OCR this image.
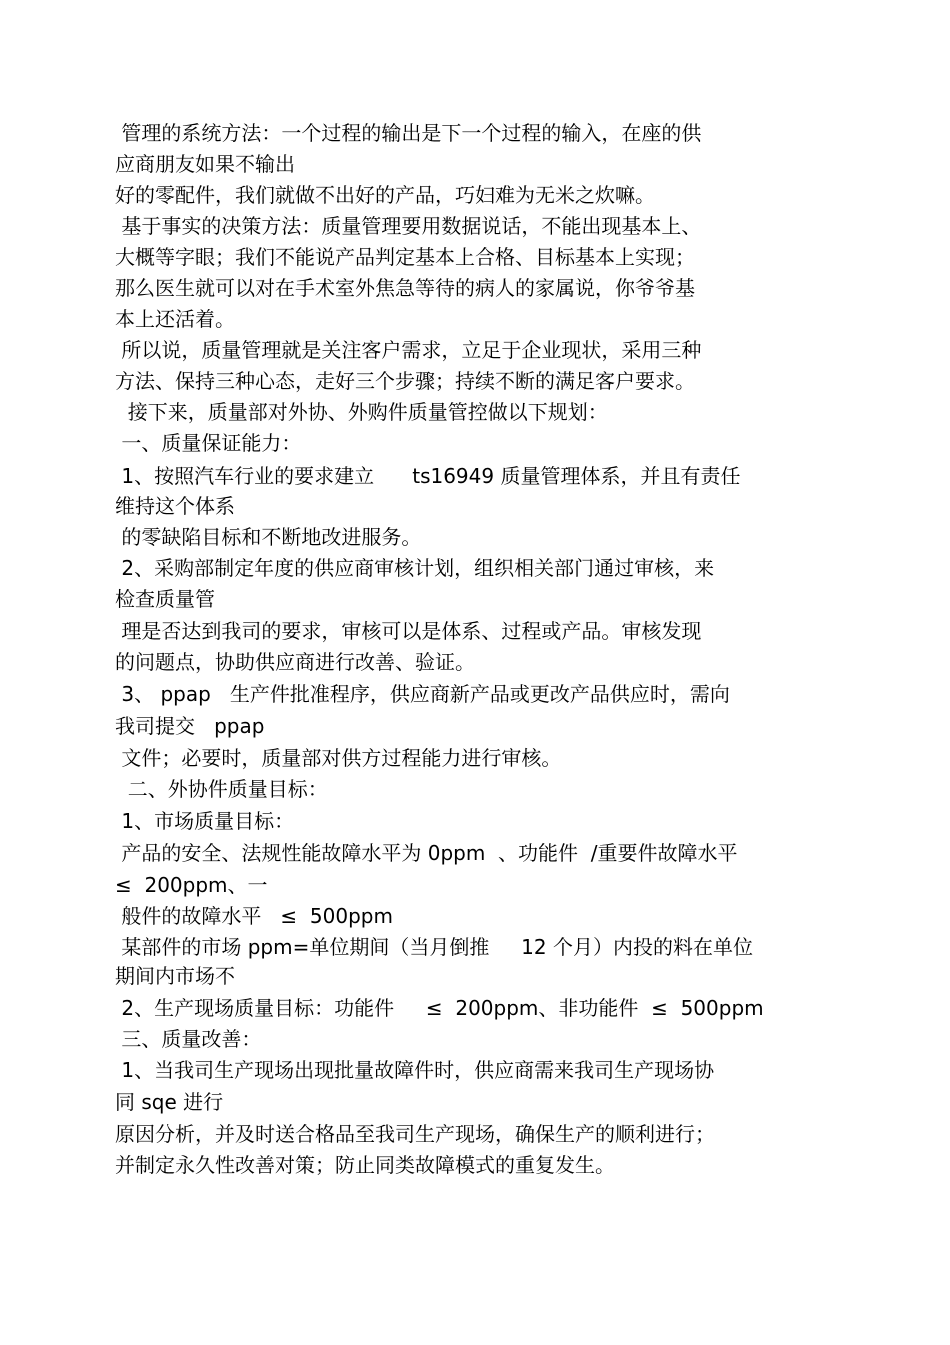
管理的系统方法：一个过程的输出是下一个过程的输入，在座的供
应商朋友如果不输出
好的零配件，我们就做不出好的产品，巧妇难为无米之炊嘛。
基于事实的决策方法：质量管理要用数据说话，不能出现基本上、
大概等字眼；我们不能说产品判定基本上合格、目标基本上实现；
那么医生就可以对在手术室外焦急等待的病人的家属说，你爷爷基
本上还活着。
所以说，质量管理就是关注客户需求，立足于企业现状，采用三种
方法、保持三种心态，走好三个步骤；持续不断的满足客户要求。
接下来，质量部对外协、外购件质量管控做以下规划：
一、质量保证能力：
1、按照汽车行业的要求建立      ts16949 质量管理体系，并且有责任
维持这个体系
的零缺陷目标和不断地改进服务。
2、采购部制定年度的供应商审核计划，组织相关部门通过审核，来
检查质量管
理是否达到我司的要求，审核可以是体系、过程或产品。审核发现
的问题点，协助供应商进行改善、验证。
3、 ppap   生产件批准程序，供应商新产品或更改产品供应时，需向
我司提交   ppap
文件；必要时，质量部对供方过程能力进行审核。
二、外协件质量目标：
1、市场质量目标：
产品的安全、法规性能故障水平为 0ppm  、功能件  /重要件故障水平
≤  200ppm、一
般件的故障水平   ≤  500ppm
某部件的市场 ppm=单位期间（当月倒推     12 个月）内投的料在单位
期间内市场不
2、生产现场质量目标：功能件     ≤  200ppm、非功能件  ≤  500ppm
三、质量改善：
1、当我司生产现场出现批量故障件时，供应商需来我司生产现场协
同 sqe 进行
原因分析，并及时送合格品至我司生产现场，确保生产的顺利进行；
并制定永久性改善对策；防止同类故障模式的重复发生。
